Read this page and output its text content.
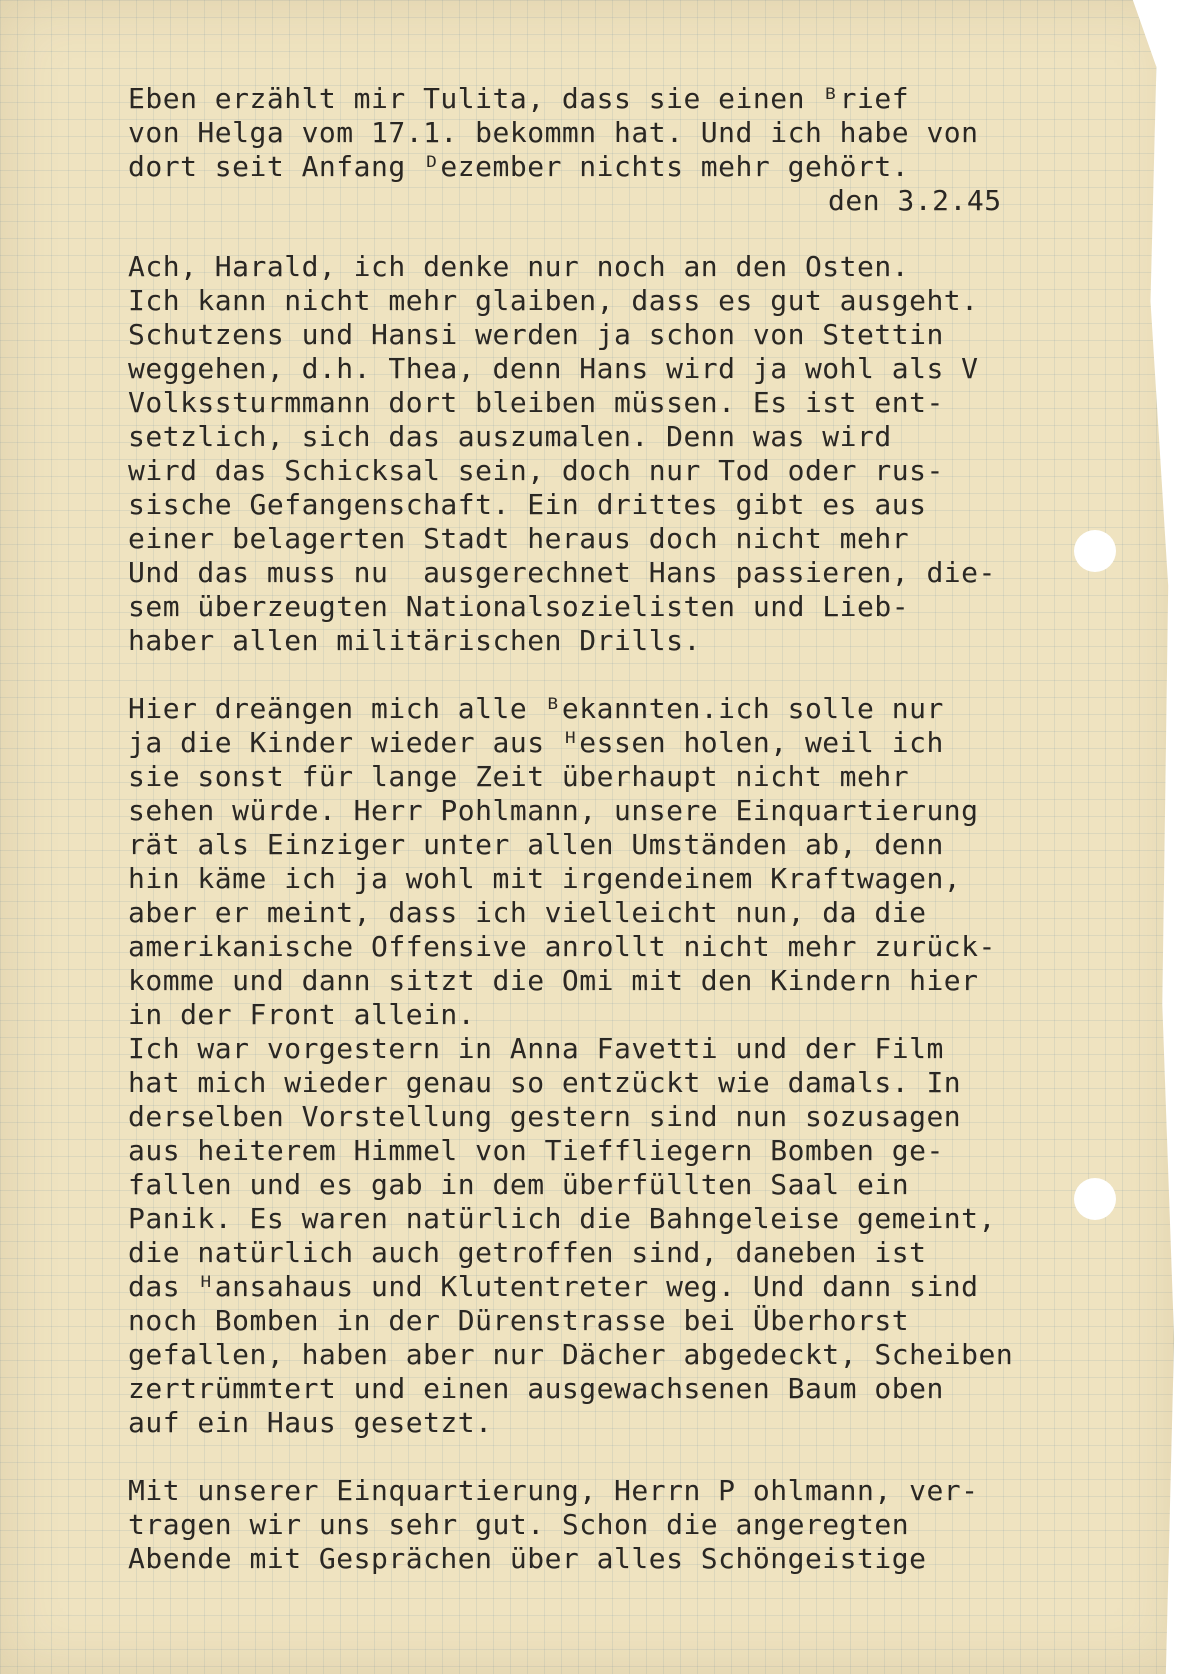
Eben erzählt mir Tulita, dass sie einen ᴮrief
von Helga vom 17.1. bekommn hat. Und ich habe von
dort seit Anfang ᴰezember nichts mehr gehört.
den 3.2.45
Ach, Harald, ich denke nur noch an den Osten.
Ich kann nicht mehr glaiben, dass es gut ausgeht.
Schutzens und Hansi werden ja schon von Stettin
weggehen, d.h. Thea, denn Hans wird ja wohl als V
Volkssturmmann dort bleiben müssen. Es ist ent-
setzlich, sich das auszumalen. Denn was wird
wird das Schicksal sein, doch nur Tod oder rus-
sische Gefangenschaft. Ein drittes gibt es aus
einer belagerten Stadt heraus doch nicht mehr
Und das muss nu  ausgerechnet Hans passieren, die-
sem überzeugten Nationalsozielisten und Lieb-
haber allen militärischen Drills.
Hier dreängen mich alle ᴮekannten.ich solle nur
ja die Kinder wieder aus ᴴessen holen, weil ich
sie sonst für lange Zeit überhaupt nicht mehr
sehen würde. Herr Pohlmann, unsere Einquartierung
rät als Einziger unter allen Umständen ab, denn
hin käme ich ja wohl mit irgendeinem Kraftwagen,
aber er meint, dass ich vielleicht nun, da die
amerikanische Offensive anrollt nicht mehr zurück-
komme und dann sitzt die Omi mit den Kindern hier
in der Front allein.
Ich war vorgestern in Anna Favetti und der Film
hat mich wieder genau so entzückt wie damals. In
derselben Vorstellung gestern sind nun sozusagen
aus heiterem Himmel von Tieffliegern Bomben ge-
fallen und es gab in dem überfüllten Saal ein
Panik. Es waren natürlich die Bahngeleise gemeint,
die natürlich auch getroffen sind, daneben ist
das ᴴansahaus und Klutentreter weg. Und dann sind
noch Bomben in der Dürenstrasse bei Überhorst
gefallen, haben aber nur Dächer abgedeckt, Scheiben
zertrümmtert und einen ausgewachsenen Baum oben
auf ein Haus gesetzt.
Mit unserer Einquartierung, Herrn P ohlmann, ver-
tragen wir uns sehr gut. Schon die angeregten
Abende mit Gesprächen über alles Schöngeistige
